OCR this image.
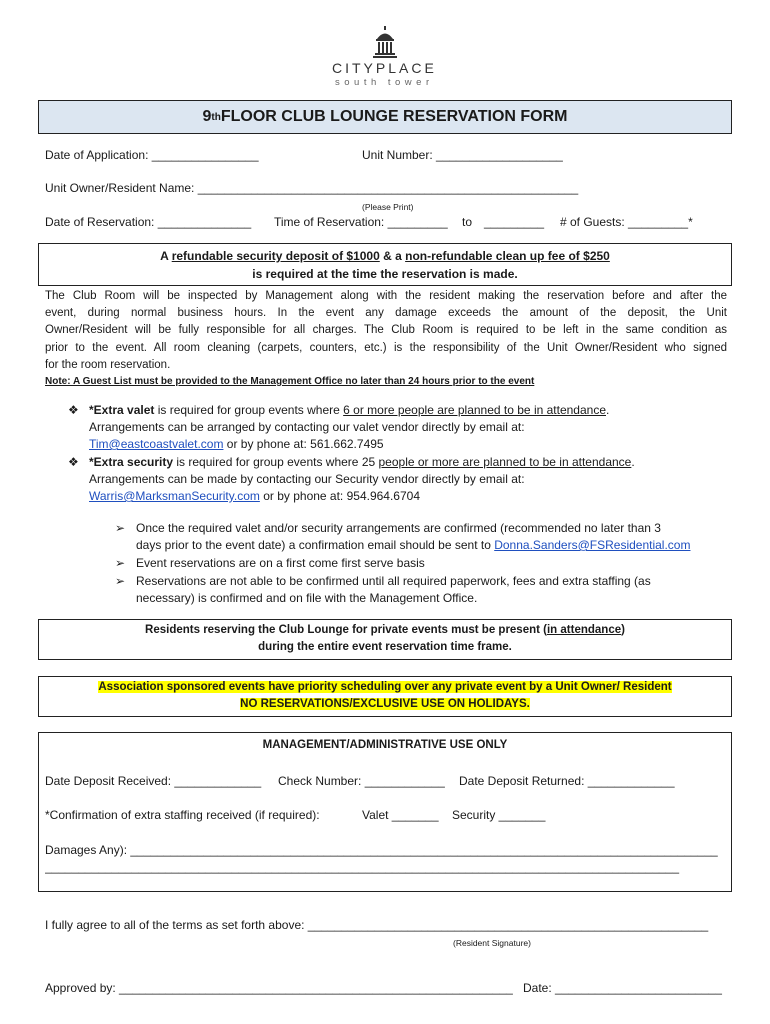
CITYPLACE
south tower
9 th FLOOR CLUB LOUNGE RESERVATION FORM
Date of Application: ________________	Unit Number: ___________________
Unit Owner/Resident Name: _________________________________________________________
(Please Print)
Date of Reservation: ______________ Time of Reservation: _________ to _________ # of Guests: _________*
A refundable security deposit of $1000 & a non-refundable clean up fee of $250
is required at the time the reservation is made.
The Club Room will be inspected by Management along with the resident making the reservation before and after the
event, during normal business hours. In the event any damage exceeds the amount of the deposit, the Unit
Owner/Resident will be fully responsible for all charges. The Club Room is required to be left in the same condition as
prior to the event. All room cleaning (carpets, counters, etc.) is the responsibility of the Unit Owner/Resident who signed
for the room reservation.
Note: A Guest List must be provided to the Management Office no later than 24 hours prior to the event
❖ *Extra valet is required for group events where 6 or more people are planned to be in attendance.
Arrangements can be arranged by contacting our valet vendor directly by email at:
Tim@eastcoastvalet.com or by phone at: 561.662.7495
❖ *Extra security is required for group events where 25 people or more are planned to be in attendance.
Arrangements can be made by contacting our Security vendor directly by email at:
Warris@MarksmanSecurity.com or by phone at: 954.964.6704
➢ Once the required valet and/or security arrangements are confirmed (recommended no later than 3
days prior to the event date) a confirmation email should be sent to Donna.Sanders@FSResidential.com
➢ Event reservations are on a first come first serve basis
➢ Reservations are not able to be confirmed until all required paperwork, fees and extra staffing (as
necessary) is confirmed and on file with the Management Office.
Residents reserving the Club Lounge for private events must be present (in attendance)
during the entire event reservation time frame.
Association sponsored events have priority scheduling over any private event by a Unit Owner/ Resident
NO RESERVATIONS/EXCLUSIVE USE ON HOLIDAYS.
MANAGEMENT/ADMINISTRATIVE USE ONLY
Date Deposit Received: _____________ Check Number: ____________ Date Deposit Returned: _____________
*Confirmation of extra staffing received (if required):	Valet _______ Security _______
Damages Any): ________________________________________________________________________________________
_______________________________________________________________________________________________
I fully agree to all of the terms as set forth above: ____________________________________________________________
(Resident Signature)
Approved by: ___________________________________________________________ Date: _________________________
